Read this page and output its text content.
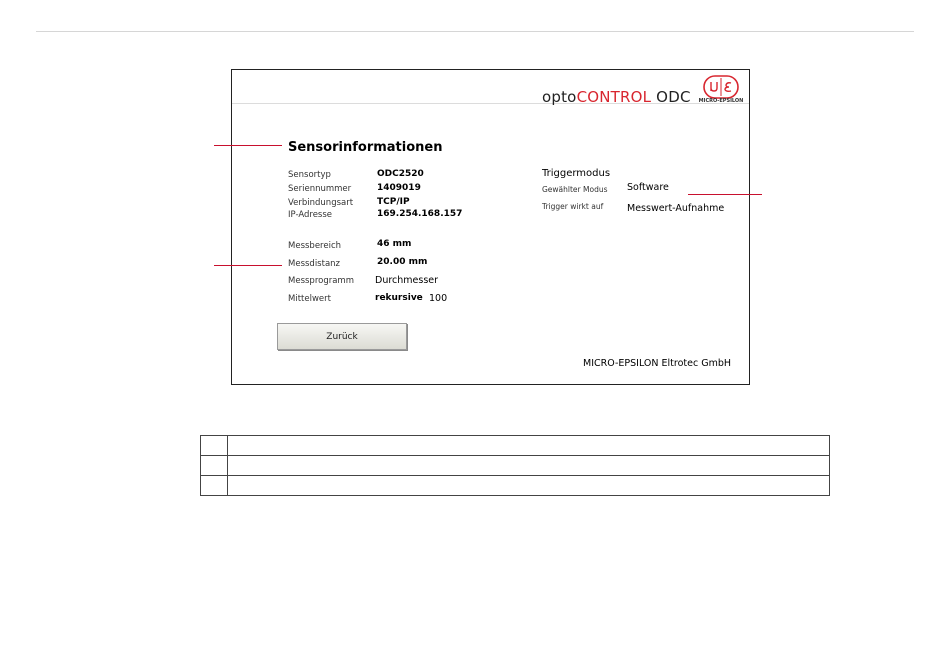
optoCONTROL ODC	MICRO-EPSILON
Sensorinformationen
Sensortyp	ODC2520
Seriennummer	1409019
Verbindungsart	TCP/IP
IP-Adresse	169.254.168.157
Messbereich	46 mm
Messdistanz	20.00 mm
Messprogramm Durchmesser
Mittelwert	rekursive 100
Triggermodus
Gewählter Modus Software
Trigger wirkt auf	Messwert-Aufnahme
Zurück
MICRO-EPSILON Eltrotec GmbH
